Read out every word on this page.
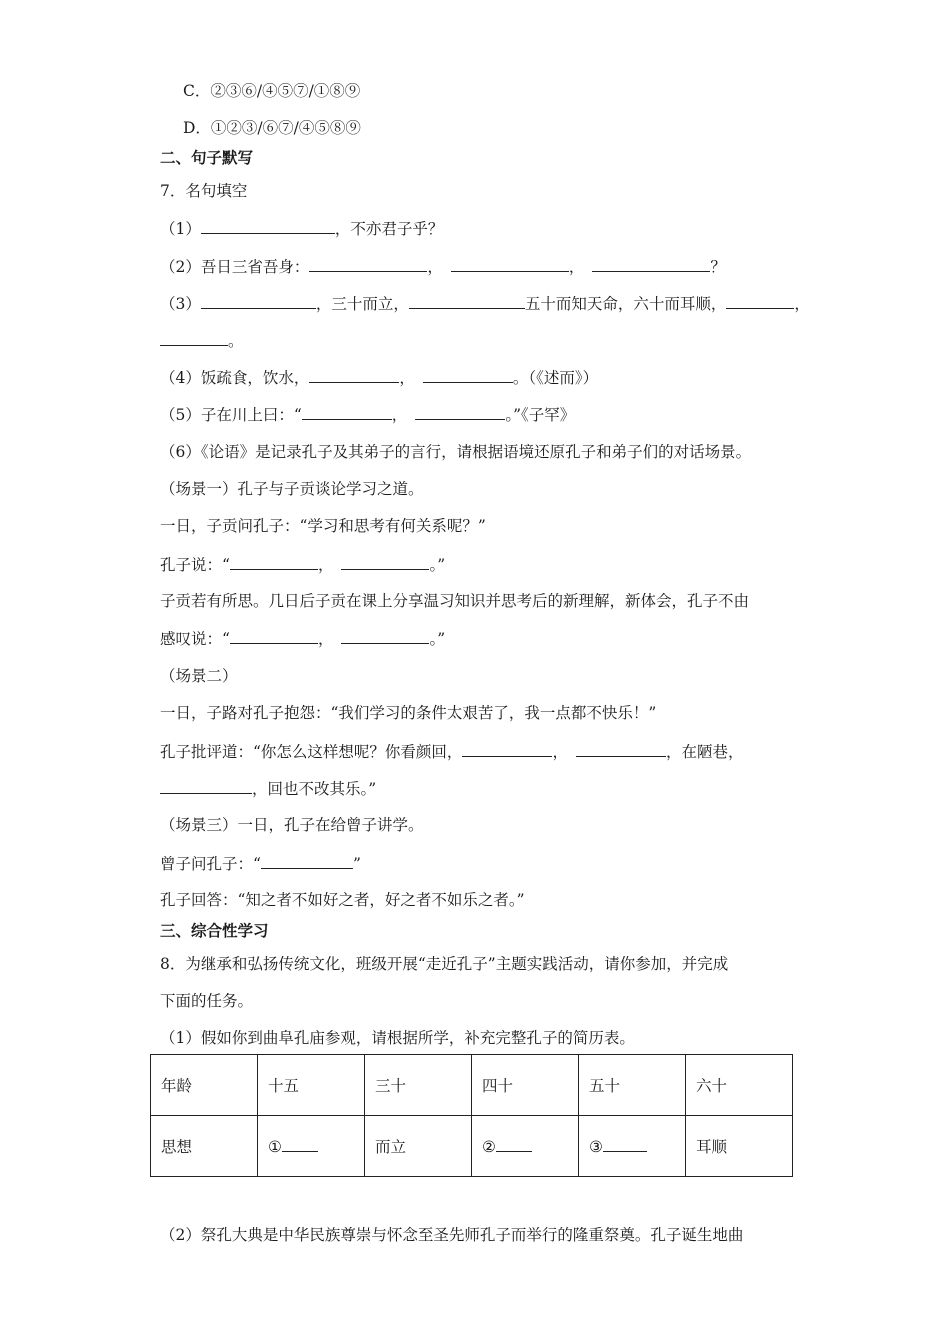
C．②③⑥/④⑤⑦/①⑧⑨
D．①②③/⑥⑦/④⑤⑧⑨
二、句子默写
7．名句填空
（1）	，不亦君子乎？
（2）吾日三省吾身：	，	，	？
（3）	，三十而立，	五十而知天命，六十而耳顺，	，
。
（4）饭疏食，饮水，	，	。（《述而》）
（5）子在川上曰：“	，	。”《子罕》
（6）《论语》是记录孔子及其弟子的言行，请根据语境还原孔子和弟子们的对话场景。
（场景一）孔子与子贡谈论学习之道。
一日，子贡问孔子：“学习和思考有何关系呢？”
孔子说：“	，	。”
子贡若有所思。几日后子贡在课上分享温习知识并思考后的新理解，新体会，孔子不由
感叹说：“	，	。”
（场景二）
一日，子路对孔子抱怨：“我们学习的条件太艰苦了，我一点都不快乐！”
孔子批评道：“你怎么这样想呢？你看颜回，	，	，在陋巷，
，回也不改其乐。”
（场景三）一日，孔子在给曾子讲学。
曾子问孔子：“	”
孔子回答：“知之者不如好之者，好之者不如乐之者。”
三、综合性学习
8．为继承和弘扬传统文化，班级开展“走近孔子”主题实践活动，请你参加，并完成
下面的任务。
（1）假如你到曲阜孔庙参观，请根据所学，补充完整孔子的简历表。
年龄	十五	三十	四十	五十	六十
思想	①	而立	②	③	耳顺
（2）祭孔大典是中华民族尊崇与怀念至圣先师孔子而举行的隆重祭奠。孔子诞生地曲
